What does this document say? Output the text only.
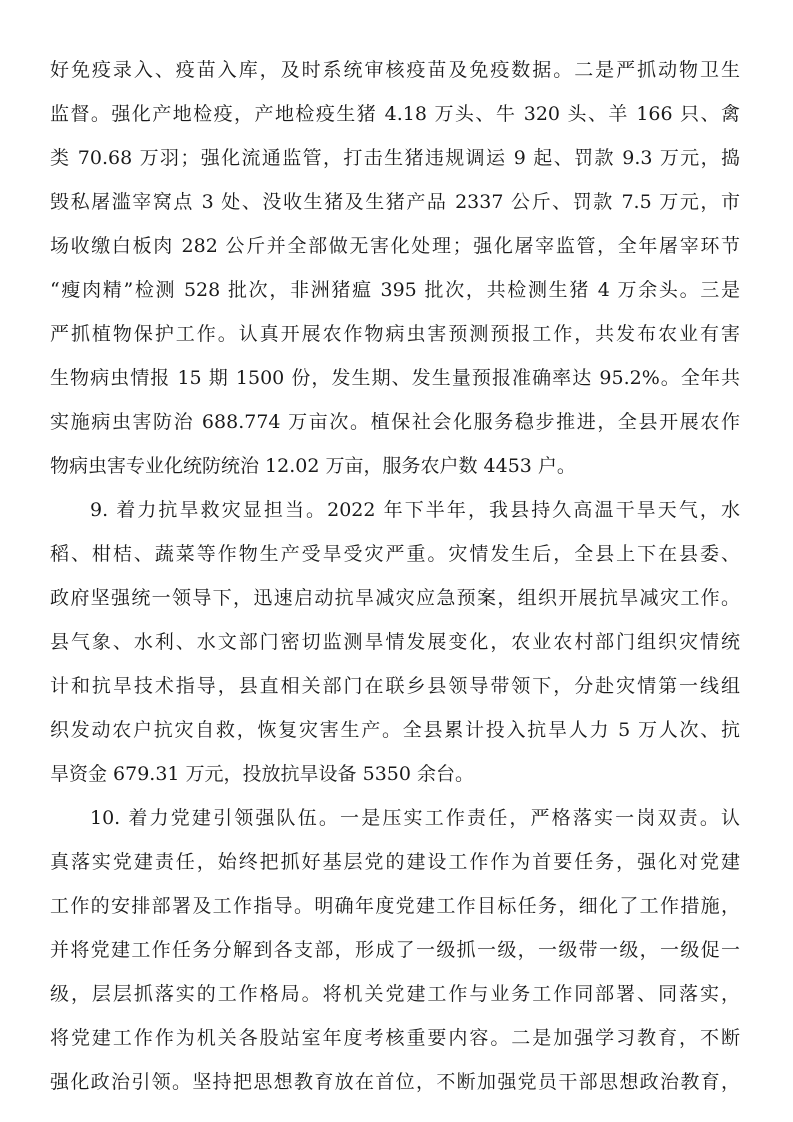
好免疫录入、疫苗入库，及时系统审核疫苗及免疫数据。二是严抓动物卫生
监督。强化产地检疫，产地检疫生猪 4.18 万头、牛 320 头、羊 166 只、禽
类 70.68 万羽；强化流通监管，打击生猪违规调运 9 起、罚款 9.3 万元，捣
毁私屠滥宰窝点 3 处、没收生猪及生猪产品 2337 公斤、罚款 7.5 万元，市
场收缴白板肉 282 公斤并全部做无害化处理；强化屠宰监管，全年屠宰环节
“瘦肉精”检测 528 批次，非洲猪瘟 395 批次，共检测生猪 4 万余头。三是
严抓植物保护工作。认真开展农作物病虫害预测预报工作，共发布农业有害
生物病虫情报 15 期 1500 份，发生期、发生量预报准确率达 95.2%。全年共
实施病虫害防治 688.774 万亩次。植保社会化服务稳步推进，全县开展农作
物病虫害专业化统防统治 12.02 万亩，服务农户数 4453 户。
9. 着力抗旱救灾显担当。2022 年下半年，我县持久高温干旱天气，水
稻、柑桔、蔬菜等作物生产受旱受灾严重。灾情发生后，全县上下在县委、
政府坚强统一领导下，迅速启动抗旱减灾应急预案，组织开展抗旱减灾工作。
县气象、水利、水文部门密切监测旱情发展变化，农业农村部门组织灾情统
计和抗旱技术指导，县直相关部门在联乡县领导带领下，分赴灾情第一线组
织发动农户抗灾自救，恢复灾害生产。全县累计投入抗旱人力 5 万人次、抗
旱资金 679.31 万元，投放抗旱设备 5350 余台。
10. 着力党建引领强队伍。一是压实工作责任，严格落实一岗双责。认
真落实党建责任，始终把抓好基层党的建设工作作为首要任务，强化对党建
工作的安排部署及工作指导。明确年度党建工作目标任务，细化了工作措施，
并将党建工作任务分解到各支部，形成了一级抓一级，一级带一级，一级促一
级，层层抓落实的工作格局。将机关党建工作与业务工作同部署、同落实，
将党建工作作为机关各股站室年度考核重要内容。二是加强学习教育，不断
强化政治引领。坚持把思想教育放在首位，不断加强党员干部思想政治教育，
